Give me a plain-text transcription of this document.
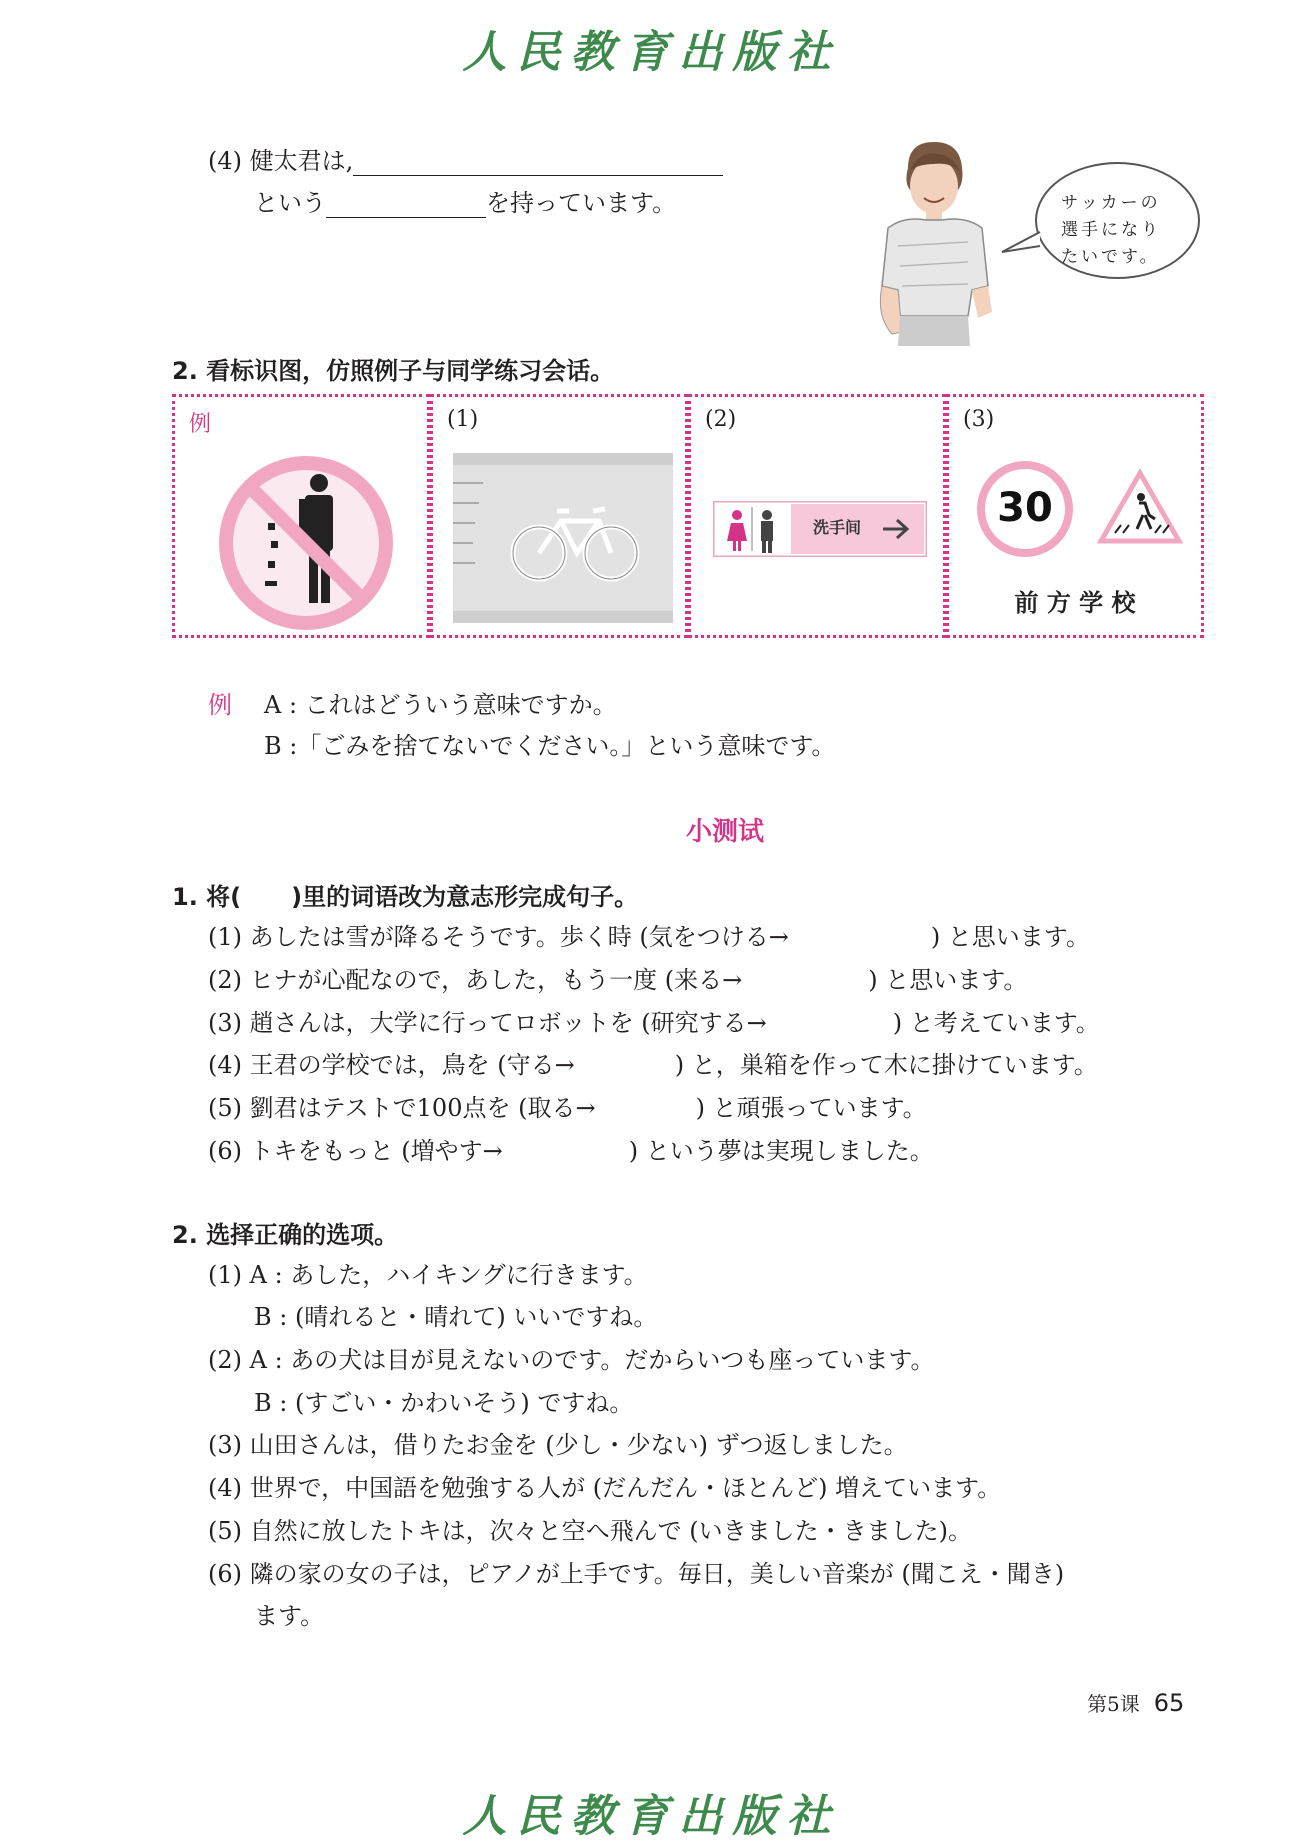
人民教育出版社
(4) 健太君は,
という	を持っています。	サッカーの
選手になり
たいです。
2. 看标识图，仿照例子与同学练习会话。
例	(1)	(2)
洗手间
(3)
30
前 方 学 校
例 A : これはどういう意味ですか。
B :「ごみを捨てないでください。」という意味です。
小测试
1. 将( )里的词语改为意志形完成句子。
(1) あしたは雪が降るそうです。歩く時 (気をつける→	) と思います。
(2) ヒナが心配なので，あした，もう一度 (来る→	) と思います。
(3) 趙さんは，大学に行ってロボットを (研究する→	) と考えています。
(4) 王君の学校では，鳥を (守る→	) と，巣箱を作って木に掛けています。
(5) 劉君はテストで100点を (取る→	) と頑張っています。
(6) トキをもっと (増やす→	) という夢は実現しました。
2. 选择正确的选项。
(1) A : あした，ハイキングに行きます。
B : (晴れると・晴れて) いいですね。
(2) A : あの犬は目が見えないのです。だからいつも座っています。
B : (すごい・かわいそう) ですね。
(3) 山田さんは，借りたお金を (少し・少ない) ずつ返しました。
(4) 世界で，中国語を勉強する人が (だんだん・ほとんど) 増えています。
(5) 自然に放したトキは，次々と空へ飛んで (いきました・きました)。
(6) 隣の家の女の子は，ピアノが上手です。毎日，美しい音楽が (聞こえ・聞き)
ます。
第5课 65
人民教育出版社
